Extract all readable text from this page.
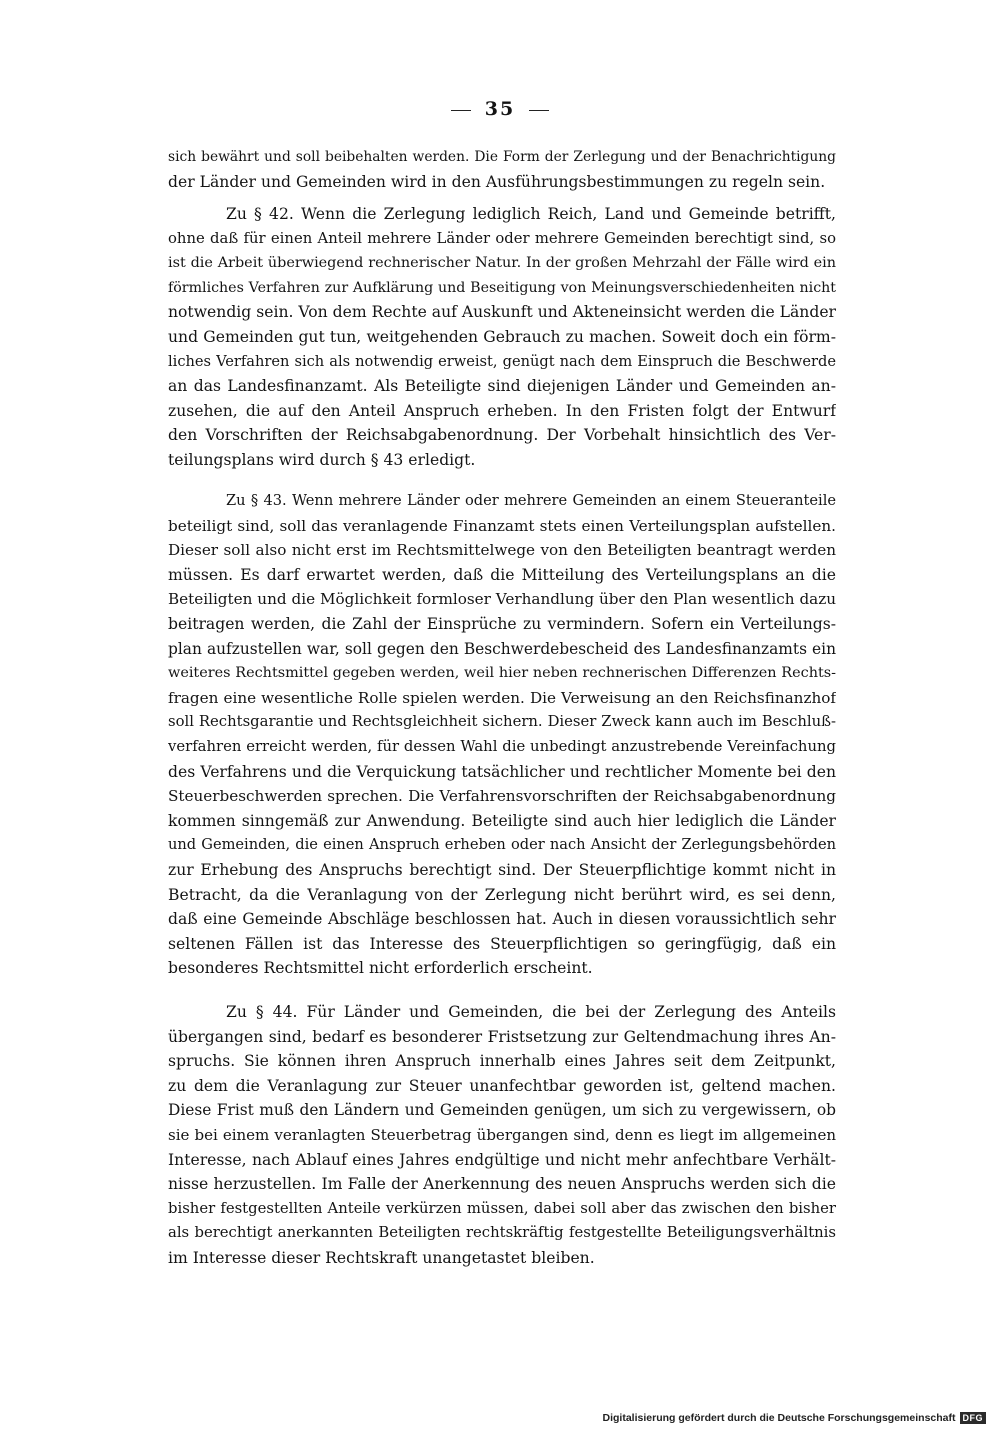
35
sich bewährt und soll beibehalten werden. Die Form der Zerlegung und der Benachrichtigung
der Länder und Gemeinden wird in den Ausführungsbestimmungen zu regeln sein.
Zu § 42. Wenn die Zerlegung lediglich Reich, Land und Gemeinde betrifft,
ohne daß für einen Anteil mehrere Länder oder mehrere Gemeinden berechtigt sind, so
ist die Arbeit überwiegend rechnerischer Natur. In der großen Mehrzahl der Fälle wird ein
förmliches Verfahren zur Aufklärung und Beseitigung von Meinungsverschiedenheiten nicht
notwendig sein. Von dem Rechte auf Auskunft und Akteneinsicht werden die Länder
und Gemeinden gut tun, weitgehenden Gebrauch zu machen. Soweit doch ein förm-
liches Verfahren sich als notwendig erweist, genügt nach dem Einspruch die Beschwerde
an das Landesfinanzamt. Als Beteiligte sind diejenigen Länder und Gemeinden an-
zusehen, die auf den Anteil Anspruch erheben. In den Fristen folgt der Entwurf
den Vorschriften der Reichsabgabenordnung. Der Vorbehalt hinsichtlich des Ver-
teilungsplans wird durch § 43 erledigt.
Zu § 43. Wenn mehrere Länder oder mehrere Gemeinden an einem Steueranteile
beteiligt sind, soll das veranlagende Finanzamt stets einen Verteilungsplan aufstellen.
Dieser soll also nicht erst im Rechtsmittelwege von den Beteiligten beantragt werden
müssen. Es darf erwartet werden, daß die Mitteilung des Verteilungsplans an die
Beteiligten und die Möglichkeit formloser Verhandlung über den Plan wesentlich dazu
beitragen werden, die Zahl der Einsprüche zu vermindern. Sofern ein Verteilungs-
plan aufzustellen war, soll gegen den Beschwerdebescheid des Landesfinanzamts ein
weiteres Rechtsmittel gegeben werden, weil hier neben rechnerischen Differenzen Rechts-
fragen eine wesentliche Rolle spielen werden. Die Verweisung an den Reichsfinanzhof
soll Rechtsgarantie und Rechtsgleichheit sichern. Dieser Zweck kann auch im Beschluß-
verfahren erreicht werden, für dessen Wahl die unbedingt anzustrebende Vereinfachung
des Verfahrens und die Verquickung tatsächlicher und rechtlicher Momente bei den
Steuerbeschwerden sprechen. Die Verfahrensvorschriften der Reichsabgabenordnung
kommen sinngemäß zur Anwendung. Beteiligte sind auch hier lediglich die Länder
und Gemeinden, die einen Anspruch erheben oder nach Ansicht der Zerlegungsbehörden
zur Erhebung des Anspruchs berechtigt sind. Der Steuerpflichtige kommt nicht in
Betracht, da die Veranlagung von der Zerlegung nicht berührt wird, es sei denn,
daß eine Gemeinde Abschläge beschlossen hat. Auch in diesen voraussichtlich sehr
seltenen Fällen ist das Interesse des Steuerpflichtigen so geringfügig, daß ein
besonderes Rechtsmittel nicht erforderlich erscheint.
Zu § 44. Für Länder und Gemeinden, die bei der Zerlegung des Anteils
übergangen sind, bedarf es besonderer Fristsetzung zur Geltendmachung ihres An-
spruchs. Sie können ihren Anspruch innerhalb eines Jahres seit dem Zeitpunkt,
zu dem die Veranlagung zur Steuer unanfechtbar geworden ist, geltend machen.
Diese Frist muß den Ländern und Gemeinden genügen, um sich zu vergewissern, ob
sie bei einem veranlagten Steuerbetrag übergangen sind, denn es liegt im allgemeinen
Interesse, nach Ablauf eines Jahres endgültige und nicht mehr anfechtbare Verhält-
nisse herzustellen. Im Falle der Anerkennung des neuen Anspruchs werden sich die
bisher festgestellten Anteile verkürzen müssen, dabei soll aber das zwischen den bisher
als berechtigt anerkannten Beteiligten rechtskräftig festgestellte Beteiligungsverhältnis
im Interesse dieser Rechtskraft unangetastet bleiben.
Digitalisierung gefördert durch die Deutsche Forschungsgemeinschaft DFG
